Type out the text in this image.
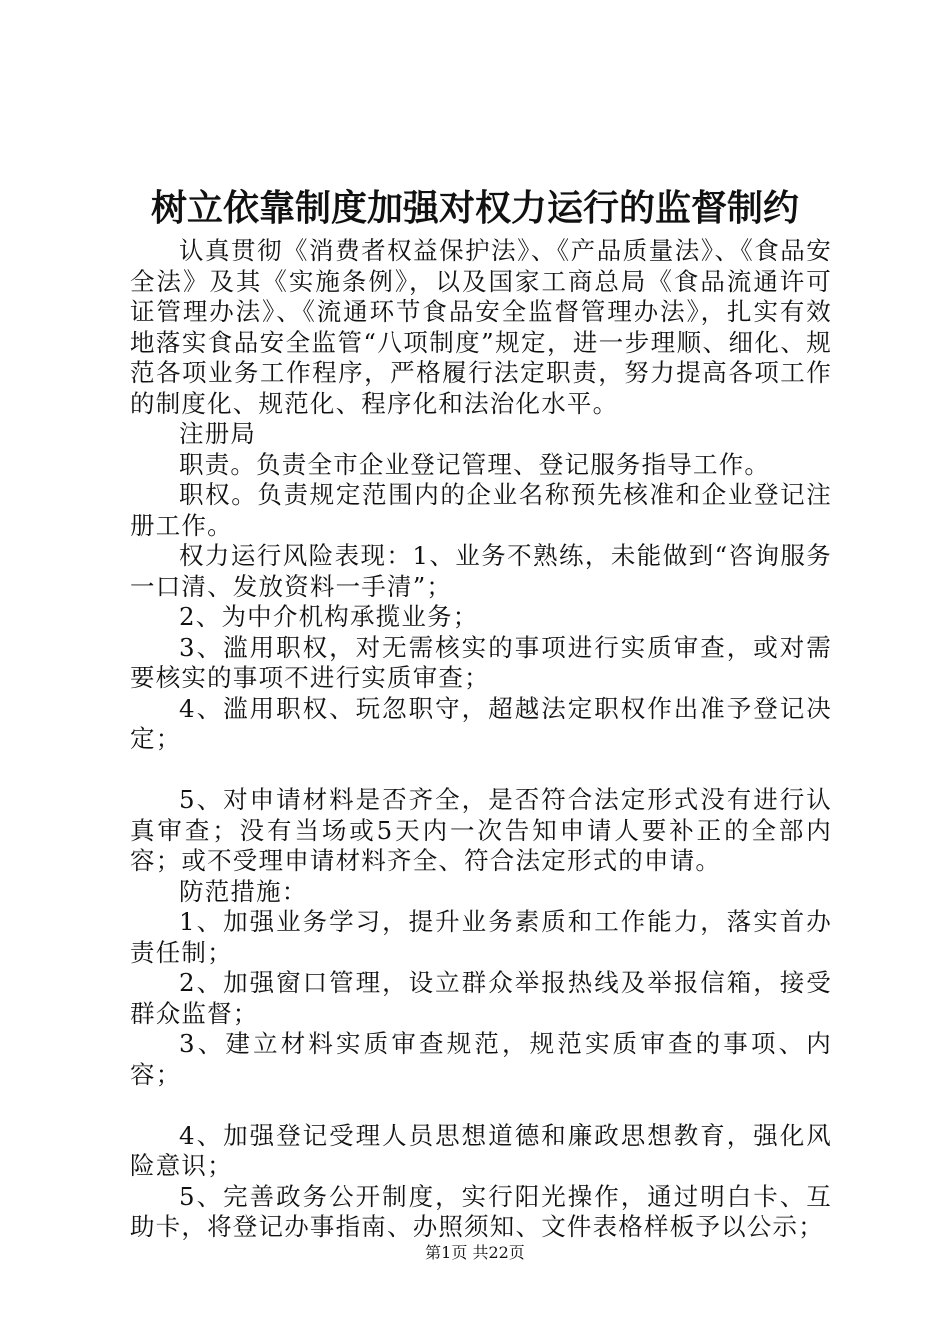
树立依靠制度加强对权力运行的监督制约

认真贯彻《消费者权益保护法》、《产品质量法》、《食品安全法》及其《实施条例》，以及国家工商总局《食品流通许可证管理办法》、《流通环节食品安全监督管理办法》，扎实有效地落实食品安全监管“八项制度”规定，进一步理顺、细化、规范各项业务工作程序，严格履行法定职责，努力提高各项工作的制度化、规范化、程序化和法治化水平。

注册局

职责。负责全市企业登记管理、登记服务指导工作。

职权。负责规定范围内的企业名称预先核准和企业登记注册工作。

权力运行风险表现：1、业务不熟练，未能做到“咨询服务一口清、发放资料一手清”；

2、为中介机构承揽业务；

3、滥用职权，对无需核实的事项进行实质审查，或对需要核实的事项不进行实质审查；

4、滥用职权、玩忽职守，超越法定职权作出准予登记决定；

5、对申请材料是否齐全，是否符合法定形式没有进行认真审查；没有当场或5天内一次告知申请人要补正的全部内容；或不受理申请材料齐全、符合法定形式的申请。

防范措施：

1、加强业务学习，提升业务素质和工作能力，落实首办责任制；

2、加强窗口管理，设立群众举报热线及举报信箱，接受群众监督；

3、建立材料实质审查规范，规范实质审查的事项、内容；

4、加强登记受理人员思想道德和廉政思想教育，强化风险意识；

5、完善政务公开制度，实行阳光操作，通过明白卡、互助卡，将登记办事指南、办照须知、文件表格样板予以公示；

第1页 共22页
